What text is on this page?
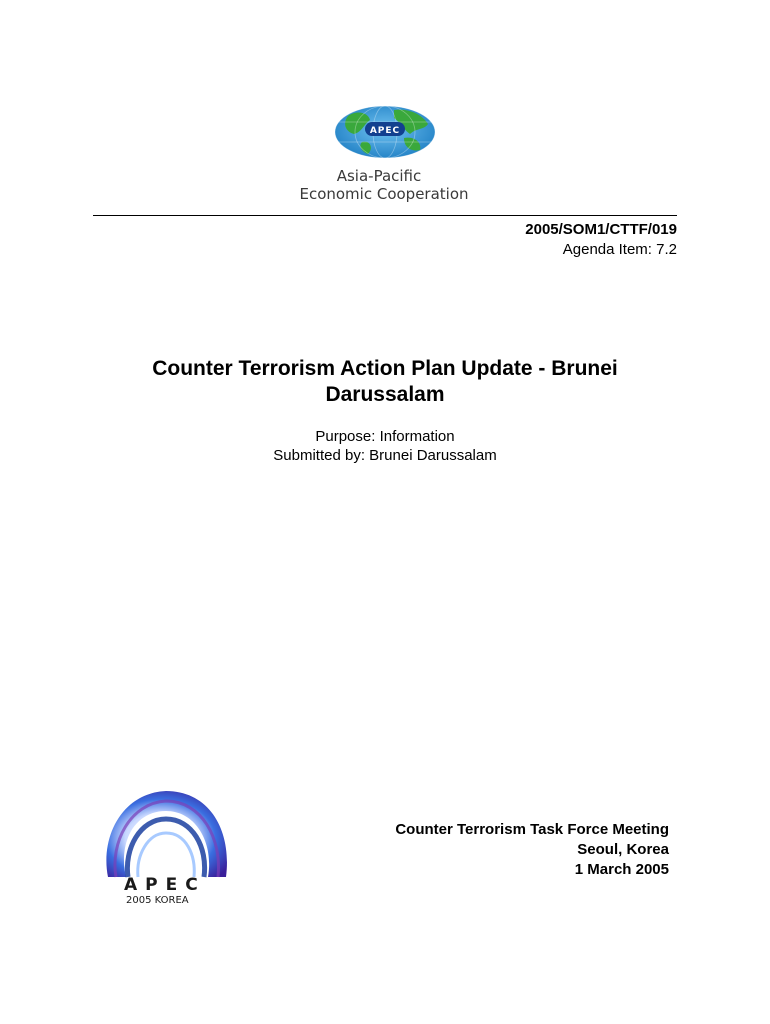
APEC
Asia-Pacific
Economic Cooperation
2005/SOM1/CTTF/019
Agenda Item: 7.2
Counter Terrorism Action Plan Update - Brunei
Darussalam
Purpose: Information
Submitted by: Brunei Darussalam
APEC
2005 KOREA
Counter Terrorism Task Force Meeting
Seoul, Korea
1 March 2005
